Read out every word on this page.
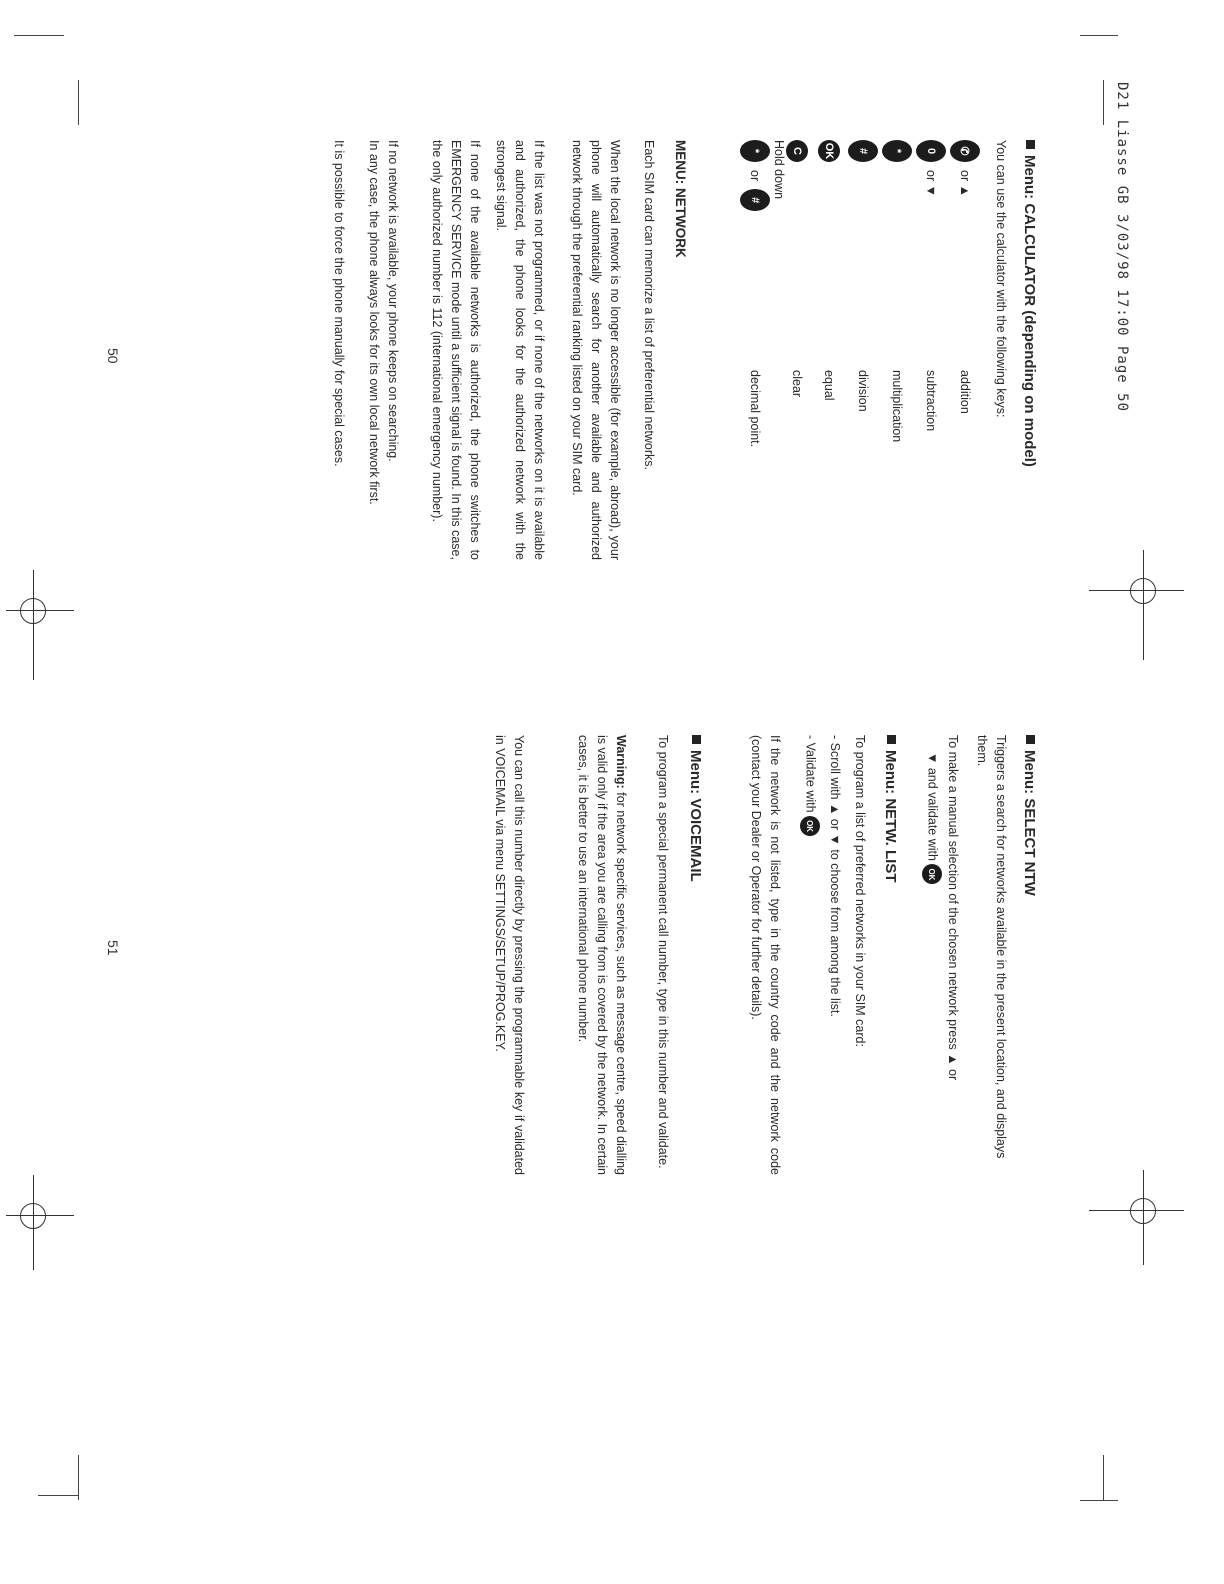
D21 Liasse GB 3/03/98 17:00 Page 50
Menu: CALCULATOR (depending on model)
You can use the calculator with the following keys:
✆
or ▲
addition
0
or ▼
subtraction
*
multiplication
#
division
OK
equal
C
clear
Hold down
*
or
#
decimal point.
MENU: NETWORK
Each SIM card can memorize a list of preferential networks.
When the local network is no longer accessible (for example, abroad), your phone will automatically search for another available and authorized network through the preferential ranking listed on your SIM card.
If the list was not programmed, or if none of the networks on it is available and authorized, the phone looks for the authorized network with the strongest signal.
If none of the available networks is authorized, the phone switches to EMERGENCY SERVICE mode until a sufficient signal is found. In this case, the only authorized number is 112 (international emergency number).
If no network is available, your phone keeps on searching.
In any case, the phone always looks for its own local network first.
It is possible to force the phone manually for special cases.
50
Menu: SELECT NTW
Triggers a search for networks available in the present location, and displays them.
To make a manual selection of the chosen network press ▲ or
▼ and validate with OK
Menu: NETW. LIST
To program a list of preferred networks in your SIM card:
- Scroll with ▲ or ▼ to choose from among the list.
- Validate with OK
If the network is not listed, type in the country code and the network code (contact your Dealer or Operator for further details).
Menu: VOICEMAIL
To program a special permanent call number, type in this number and validate.
Warning: for network specific services, such as message centre, speed dialling is valid only if the area you are calling from is covered by the network. In certain cases, it is better to use an international phone number.
You can call this number directly by pressing the programmable key if validated in VOICEMAIL via menu SETTINGS/SETUP/PROG.KEY.
51
